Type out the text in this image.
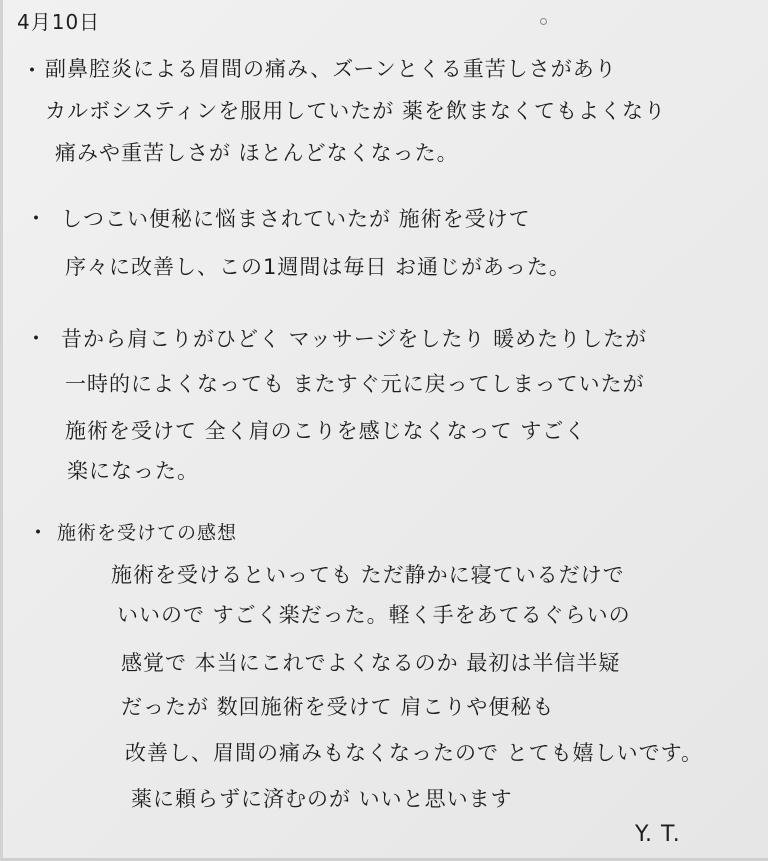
4月10日
・ 副鼻腔炎による眉間の痛み、ズーンとくる重苦しさがあり
カルボシスティンを服用していたが 薬を飲まなくてもよくなり
痛みや重苦しさが ほとんどなくなった。
・ しつこい便秘に悩まされていたが 施術を受けて
序々に改善し、この1週間は毎日 お通じがあった。
・ 昔から肩こりがひどく マッサージをしたり 暖めたりしたが
一時的によくなっても またすぐ元に戻ってしまっていたが
施術を受けて 全く肩のこりを感じなくなって すごく
楽になった。
・ 施術を受けての感想
施術を受けるといっても ただ静かに寝ているだけで
いいので すごく楽だった。軽く手をあてるぐらいの
感覚で 本当にこれでよくなるのか 最初は半信半疑
だったが 数回施術を受けて 肩こりや便秘も
改善し、眉間の痛みもなくなったので とても嬉しいです。
薬に頼らずに済むのが いいと思います
Y. T.
